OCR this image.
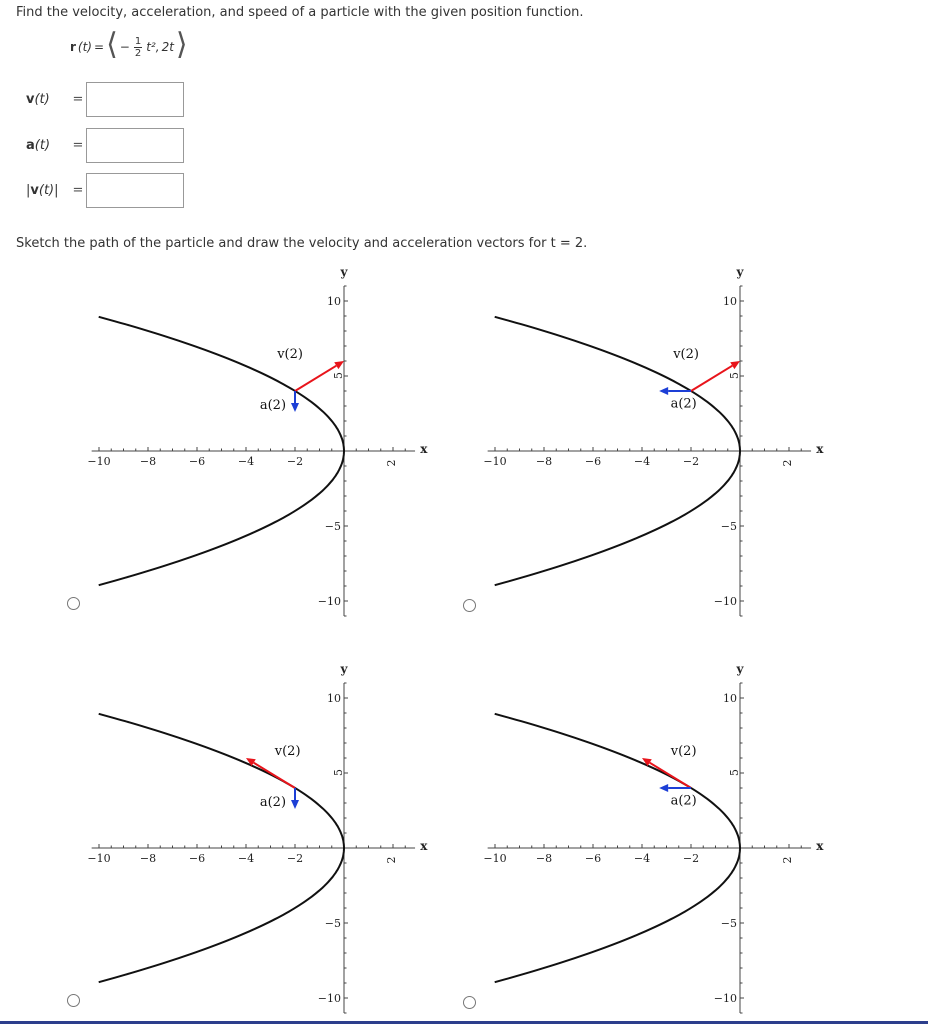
Find the velocity, acceleration, and speed of a particle with the given position function.
r (t) = ⟨ − $\frac{1}{2} t^2$, 2t ⟩
v(t)	=
a(t)	=
|v(t)|	=
Sketch the path of the particle and draw the velocity and acceleration vectors for t = 2.
x
−10	−8	−6	−4	−2	2
y
10
5
−5
−10
v(2)
a(2)
x
−10	−8	−6	−4	−2	2
y
10
5
−5
−10
v(2)
a(2)
x
−10	−8	−6	−4	−2	2
y
10
5
−5
−10
v(2)
a(2)
x
−10	−8	−6	−4	−2	2
y
10
5
−5
−10
v(2)
a(2)
